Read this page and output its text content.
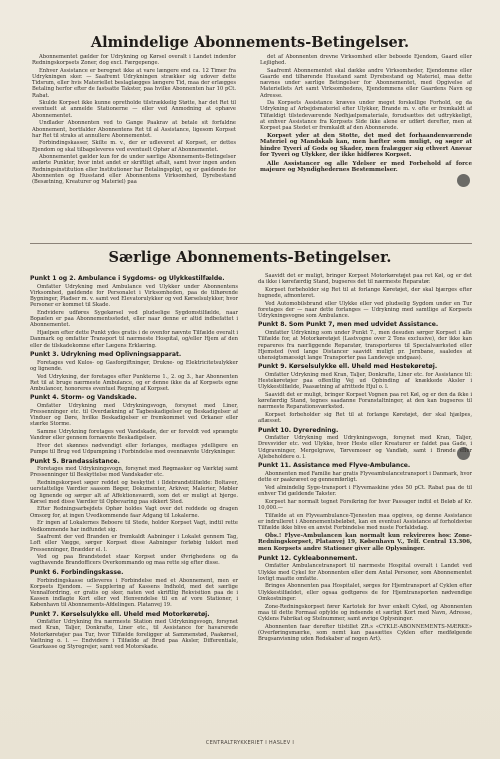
Almindelige Abonnements-Betingelser.

Abonnementet gælder for Udrykning og Kørsel overalt i Landet indenfor Redningskorpsets Zoner, dog excl. Færgepenge.

Enhver Assistance er beregnet ikke at vare længere end ca. 12 Timer fra Udrykningen sker. — Saafremt Udrykningen strækker sig udover dette Tidsrum, eller hvis Materiellet beslaglægges længere Tid, maa der erlægges Betaling herfor efter de fastsatte Takster, paa hvilke Abonnenten har 10 pCt. Rabat.

Skulde Korpset ikke kunne opretholde tilstrækkelig Støtte, har det Ret til eventuelt at anmelde Stationerne — eller ved Anmodning at ophæve Abonnementet.

Undlader Abonnenten ved to Gange Paakrav at betale sit forfaldne Abonnement, bortfalder Abonnentens Ret til al Assistance, ligesom Korpset har Ret til straks at annullere Abonnementet.

Forbindingskasser, Skilte m. v., der er udleveret af Korpset, er dettes Ejendom og skal tilbageleveres ved eventuelt Ophør af Abonnementet.

Abonnementet gælder kun for de under særlige Abonnements-Betingelser anførte Punkter, hvor intet andet er skriftligt aftalt, samt hvor ingen anden Redningsinstitution eller Institutioner har Betalingspligt, og er gældende for Abonnenten og Husstand eller Abonnentens Virksomhed, Dyrebestand (Besætning, Kreaturer og Materiel) paa

det af Abonnenten drevne Virksomhed eller beboede Ejendom, Gaard eller Lejlighed.

Saafremt Abonnementet skal dække andre Virksomheder, Ejendomme eller Gaarde end tilhørende Husstand samt Dyrebestand og Materiel, maa dette nævnes under særlige Betingelser for Abonnementet, med Opgivelse af Materiellets Art samt Virksomhedens, Ejendommens eller Gaardens Navn og Adresse.

Da Korpsets Assistance kræves under meget forskellige Forhold, og da Udrykning af Arbejdsmateriel efter Ulykker, Brande m. v. ofte er fremkaldt af Tilfældigt tilstedeværende Nødhjælpsmateriale, forudsættes det udtrykkeligt, at enhver Assistance fra Korpsets Side ikke alene er udført derefter, men at Korpset paa Stedet er fremkaldt af den Abonnerede.

Korpset yder at den Stotte, det med det forhaandenværende Materiel og Mandskab kan, men hæfter som muligt, og søger at hindre Tyveri af Gods og Skader, men fralægger sig ethvert Ansvar for Tyveri og Ulykker, der ikke hidføres Korpset.

Alle Assistancer og alle Ydelser er med Forbehold af force majeure og Myndighedernes Bestemmelser.

Særlige Abonnements-Betingelser.
Punkt 1 og 2. Ambulance i Sygdoms- og Ulykkestilfælde.

Omfatter Udrykning med Ambulance ved Ulykker under Abonnentens Virksomhed, gældende for Personalet i Virksomheden, paa de tilhørende Bygninger, Pladser m. v. samt ved Elevatorulykker og ved Kørselsulykker, hvor Personer er kommet til Skade.

Endvidere udføres Sygekørsel ved pludselige Sygdomstilfælde, naar Bopælen er paa Abonnementsstedet, eller naar denne er altid indbefattet i Abonnementet.

Hjælpen efter dette Punkt ydes gratis i de ovenfor nævnte Tilfælde overalt i Danmark og omfatter Transport til nærmeste Hospital, og/eller Hjem af den eller de tilskadekomne efter Lægens Erklæring.

Punkt 3. Udrykning med Oplivningsapparat.

Foretages ved Kulos- og Gasforgiftninger, Drukne- og Elektricitetsulykker og lignende.

Ved Udrykning, der foretages efter Punkterne 1., 2. og 3., har Abonnenten Ret til at bruge nærmeste Ambulance, og er denne ikke da af Korpsets egne Ambulancer, honoreres eventuel Regning af Korpset.

Punkt 4. Storm- og Vandskade.

Omfatter Udrykning med Udrykningsvogn, forsynet med Liner, Pressenninger etc. til Overdækning af Tagbeskadigelser og Beskadigelser af Vinduer og Døre, hvilke Beskadigelser er fremkommet ved Orkaner eller stærke Storme.

Samme Udrykning foretages ved Vandskade, der er forvoldt ved sprængte Vandrør eller gennem fornævnte Beskadigelser.

Hvor det skønnes nødvendigt eller forlanges, medtages ydelligere en Pumpe til Brug ved Udpumpning i Forbindelse med ovennævnte Udrykninger.

Punkt 5. Brandassistance.

Foretages med Udrykningsvogn, forsynet med Røgmasker og Værktøj samt Pressenninger til Beskyttelse mod Vandskader etc.

Redningskorpset søger reddet og beskyttet i Ildebrandstilfælde: Boltaver, uerstattelige Værdier saasom Bøger, Dokumenter, Arkiver, Malerier, Møbler og lignende og sørger alt af Affektionsværdi, som det er muligt at bjerge. Kørsel med disse Værdier til Opbevaring paa sikkert Sted.

Efter Redningsarbejdets Ophør holdes Vagt over det reddede og dragen Omsorg for, at ingen Uvedkommende faar Adgang til Lokalerne.

Er ingen af Lokalernes Beboere til Stede, holder Korpset Vagt, indtil rette Vedkommende har indfundet sig.

Saafremt der ved Branden er fremkaldt Aabninger i Lokalet gennem Tag, Loft eller Vægge, sørger Korpset disse Aabninger forløbig lukket med Pressenninger, Brædder el. l.

Ved og paa Brandstedet staar Korpset under Øvrighedens og da vagthavende Brandofficers Overkommando og maa rette sig efter disse.

Punkt 6. Forbindingskasse.

Forbindingskasse udleveres i Forbindelse med et Abonnement, men er Korpsets Ejendom. — Supplering af Kassens Indhold, med det særlige Vennalfordring, er gratis og sker, naten ved skriftlig Rekvisition paa de i Kassen indlagte Kort eller ved Henvendelse til en af vore Stationer, i København til Abonnements-Afdelingen. Platanvej 19.

Punkt 7. Kørselsulykke ell. Uheld med Motorkøretøj.

Omfatter Udrykning fra nærmeste Station med Udrykningsvogn, forsynet med Kran, Taljer, Donkrafte, Liner etc., til Assistance for havarerede Motorkøretøjer paa Tur, hvor Tilfælde foreligger at Sammenstød, Paakørsel, Væltning o. l. — Endvidere i Tilfælde af Brud paa Aksler, Differentiale, Gearkasse og Styregrejer, samt ved Motorskade.

Saavidt det er muligt, bringer Korpset Motorkøretøjet paa ret Køl, og er det da ikke i kørefærdig Stand, bugseres det til nærmeste Reparatør.

Korpset forbeholder sig Ret til at forlange Køretøjet, der skal bjærges efter hugnede, afmonteret.

Ved Automobilsbrand eller Ulykke eller ved pludselig Sygdom under en Tur foretages der — naar dette forlanges — Udrykning med samtlige af Korpsets Udrykningsvogne som Ambulance.

Punkt 8. Som Punkt 7, men med udvidet Assistance.

Omfatter Udrykning som under Punkt 7., men desuden sørger Korpset i alle Tilfælde for, at Motorkøretøjet (Lastvogne over 2 Tons exclusive), der ikke kan repareres fra nærliggende Reparatør, transporteres til Specialværksted eller Hjemsted (ved lange Distancer saavidt muligt pr. Jernbane, saaledes at uhensigtsmæssigt lange Transporter paa Landeveje undgaas).

Punkt 9. Kørselsulykke ell. Uheld med Hestekøretøj.

Omfatter Udrykning med Kran, Taljer, Donkrafte, Liner etc. for Assistance til: Hestekøretøjer paa offentlig Vej ud Opbinding af knækkede Aksler i Ulykkestilfælde, Paasætning af afrittede Hjul o. l.

Saavidt det er muligt, bringer Korpset Vognen paa ret Køl, og er den da ikke i kørefærdig Stand, tegnes saadanne Foranstaltninger, at den kan bugseres til nærmeste Reparationsværksted.

Korpset forbeholder sig Ret til at forlange Køretøjet, der skal hjælpes, aflæsset.

Punkt 10. Dyreredning.

Omfatter Udrykning med Udrykningsvogn, forsynet med Kran, Taljer, Drevsvider etc. ved Ulykke, hvor Heste eller Kreaturer er faldet paa Gade, i Udgravninger, Mergelgrave, Tørvemoser og Vandløb, samt i Brønde eller Ajlebeholdere o. l.

Punkt 11. Assistance med Flyve-Ambulance.

Abonnenten med Familie har gratis Flyveambulancetransport i Danmark, hvor dette er paakrævet og gennemførligt.

Ved almindelig Syge-transport i Flyvemaskine ydes 50 pCt. Rabat paa de til enhver Tid gældende Takster.

Korpset har normalt tegnet Forsikring for hver Passager indtil et Beløb af Kr. 10,000.—

Tilfælde at en Flyveambulance-Tjenesten maa opgives, og denne Assistance er indrulleret i Abonnementsbeløbet, kan en eventuel Assistance af forholdsvise Tilfælde ikke blive en anvist Forbindelse med nuste Forfaldsdag.

Obs.! Flyve-Ambulancen kan normalt kun rekvireres hos: Zone-Redningskorpset, Platanvej 19, København V., Telf. Central 13.306, men Korpsets andre Stationer giver alle Oplysninger.

Punkt 12. Cykleabonnement.

Omfatter Ambulancetransport til nærmeste Hospital overalt i Landet ved Ulykke med Cykel for Abonnenten eller dem Antal Personer, som Abonnementet lovligt maatte omfatte.

Bringes Abonnenten paa Hospitalet, sørges for Hjemtransport af Cyklen efter Ulykkestilfældet, eller ogsaa godtgøres de for Hjemtransporten nødvendige Omkostninger.

Zone-Redningskorpset fører Kartotek for hver enkelt Cykel, og Abonnenten maa til dette Formaal opfylde og indsende et særligt Kort med Navn, Adresse, Cyklens Fabrikat og Stelnummer, samt øvrige Oplysninger.

Abonnenten faar derefter tilstillet ZR.s «CYKLE-ABONNEMENTS-MÆRKE» (Overføringsmærke, som nemt kan paasættes Cyklen efter medfølgende Brugsanvisning uden Redskaber af nogen Art).

CENTRALTRYKKERIET I HASLEV I
